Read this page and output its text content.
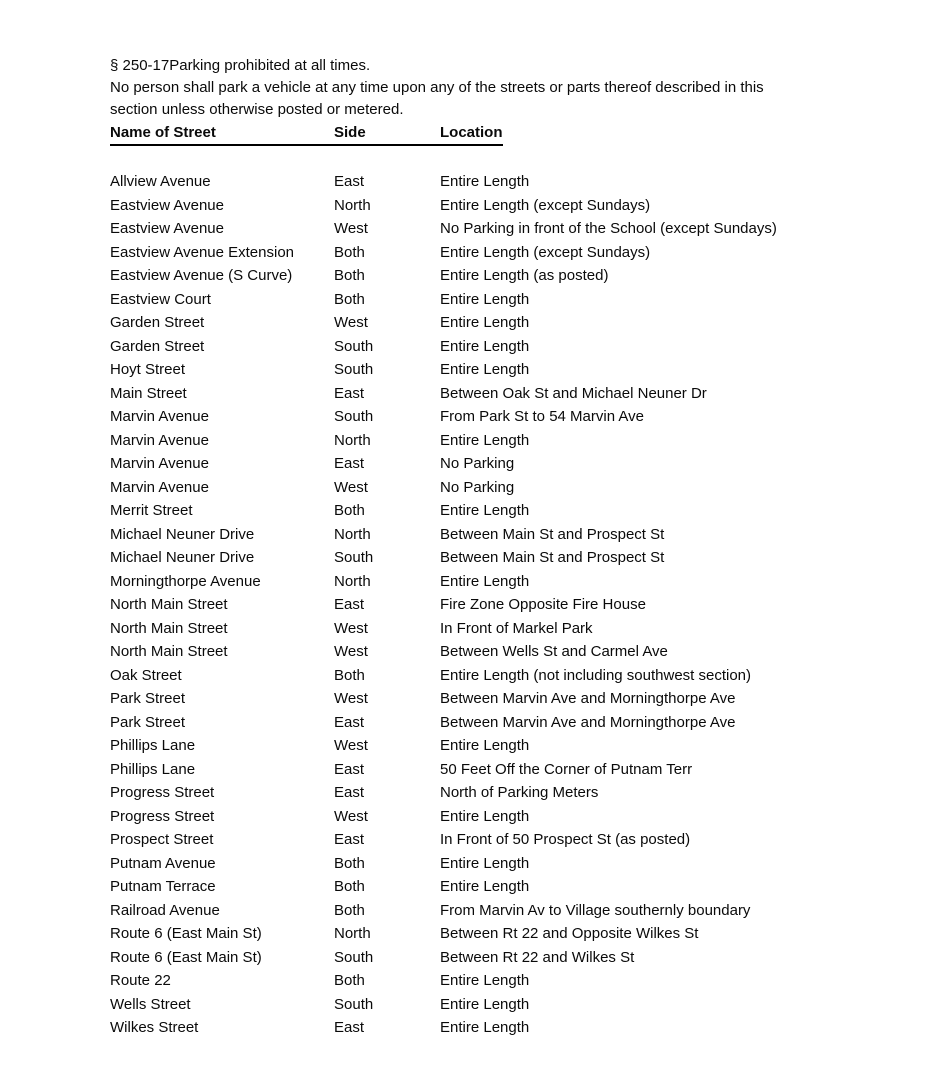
§ 250-17Parking prohibited at all times.

No person shall park a vehicle at any time upon any of the streets or parts thereof described in this
section unless otherwise posted or metered.
Name of Street	Side	Location
Allview Avenue	East	Entire Length
Eastview Avenue	North	Entire Length (except Sundays)
Eastview Avenue	West	No Parking in front of the School (except Sundays)
Eastview Avenue Extension	Both	Entire Length (except Sundays)
Eastview Avenue (S Curve)	Both	Entire Length (as posted)
Eastview Court	Both	Entire Length
Garden Street	West	Entire Length
Garden Street	South	Entire Length
Hoyt Street	South	Entire Length
Main Street	East	Between Oak St and Michael Neuner Dr
Marvin Avenue	South	From Park St to 54 Marvin Ave
Marvin Avenue	North	Entire Length
Marvin Avenue	East	No Parking
Marvin Avenue	West	No Parking
Merrit Street	Both	Entire Length
Michael Neuner Drive	North	Between Main St and Prospect St
Michael Neuner Drive	South	Between Main St and Prospect St
Morningthorpe Avenue	North	Entire Length
North Main Street	East	Fire Zone Opposite Fire House
North Main Street	West	In Front of Markel Park
North Main Street	West	Between Wells St and Carmel Ave
Oak Street	Both	Entire Length (not including southwest section)
Park Street	West	Between Marvin Ave and Morningthorpe Ave
Park Street	East	Between Marvin Ave and Morningthorpe Ave
Phillips Lane	West	Entire Length
Phillips Lane	East	50 Feet Off the Corner of Putnam Terr
Progress Street	East	North of Parking Meters
Progress Street	West	Entire Length
Prospect Street	East	In Front of 50 Prospect St (as posted)
Putnam Avenue	Both	Entire Length
Putnam Terrace	Both	Entire Length
Railroad Avenue	Both	From Marvin Av to Village southernly boundary
Route 6 (East Main St)	North	Between Rt 22 and Opposite Wilkes St
Route 6 (East Main St)	South	Between Rt 22 and Wilkes St
Route 22	Both	Entire Length
Wells Street	South	Entire Length
Wilkes Street	East	Entire Length
